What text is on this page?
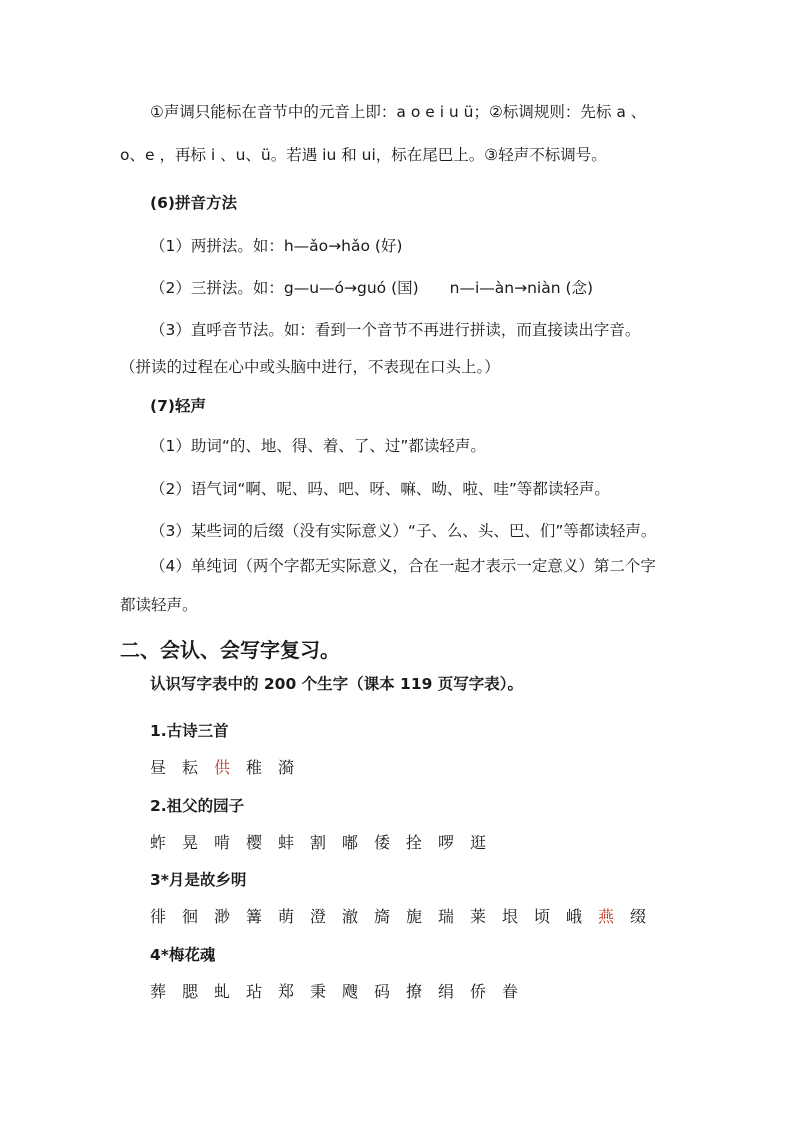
①声调只能标在音节中的元音上即：a o e i u ü；②标调规则：先标 a 、
o、e ，再标 i 、u、ü。若遇 iu 和 ui，标在尾巴上。③轻声不标调号。
(6)拼音方法
（1）两拼法。如：h—ǎo→hǎo (好)
（2）三拼法。如：g—u—ó→guó (国)　　n—i—àn→niàn (念)
（3）直呼音节法。如：看到一个音节不再进行拼读，而直接读出字音。
（拼读的过程在心中或头脑中进行，不表现在口头上。）
(7)轻声
（1）助词“的、地、得、着、了、过”都读轻声。
（2）语气词“啊、呢、吗、吧、呀、嘛、呦、啦、哇”等都读轻声。
（3）某些词的后缀（没有实际意义）“子、么、头、巴、们”等都读轻声。
（4）单纯词（两个字都无实际意义，合在一起才表示一定意义）第二个字
都读轻声。
二、会认、会写字复习。
认识写字表中的 200 个生字（课本 119 页写字表）。
1.古诗三首
昼 耘 供 稚 漪
2.祖父的园子
蚱 晃 啃 樱 蚌 割 嘟 倭 拴 啰 逛
3*月是故乡明
徘 徊 渺 篝 萌 澄 澈 旖 旎 瑞 莱 垠 顷 峨 燕 缀
4*梅花魂
葬 腮 虬 玷 郑 秉 飕 码 撩 绢 侨 眷
